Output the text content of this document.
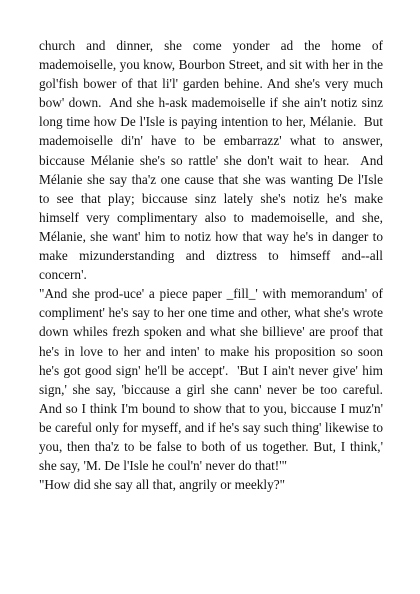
church and dinner, she come yonder ad the home of mademoiselle, you know, Bourbon Street, and sit with her in the gol'fish bower of that li'l' garden behine. And she's very much bow' down.  And she h-ask mademoiselle if she ain't notiz sinz long time how De l'Isle is paying intention to her, Mélanie.  But mademoiselle di'n' have to be embarrazz' what to answer, biccause Mélanie she's so rattle' she don't wait to hear.  And Mélanie she say tha'z one cause that she was wanting De l'Isle to see that play; biccause sinz lately she's notiz he's make himself very complimentary also to mademoiselle, and she, Mélanie, she want' him to notiz how that way he's in danger to make mizunderstanding and diztress to himseff and--all concern'.

"And she prod-uce' a piece paper _fill_' with memorandum' of compliment' he's say to her one time and other, what she's wrote down whiles frezh spoken and what she billieve' are proof that he's in love to her and inten' to make his proposition so soon he's got good sign' he'll be accept'.  'But I ain't never give' him sign,' she say, 'biccause a girl she cann' never be too careful.  And so I think I'm bound to show that to you, biccause I muz'n' be careful only for myseff, and if he's say such thing' likewise to you, then tha'z to be false to both of us together. But, I think,' she say, 'M. De l'Isle he coul'n' never do that!'"

"How did she say all that, angrily or meekly?"
